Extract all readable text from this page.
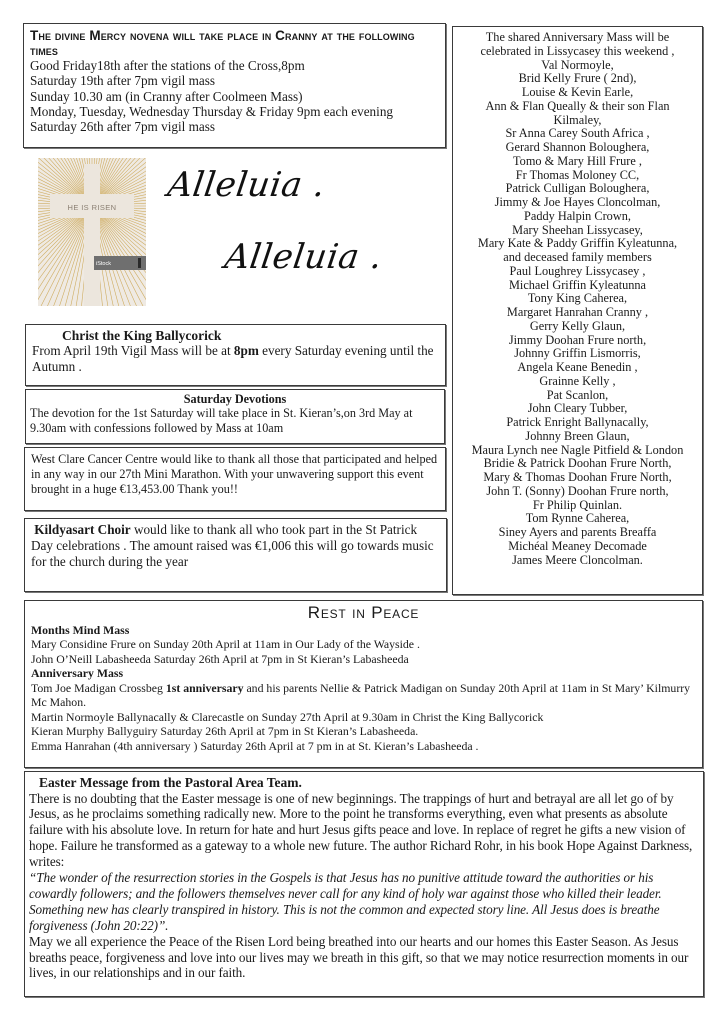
The divine Mercy novena will take place in Cranny at the following times
Good Friday18th after the stations of the Cross,8pm
Saturday 19th after 7pm vigil mass
Sunday 10.30 am (in Cranny after Coolmeen Mass)
Monday, Tuesday, Wednesday Thursday & Friday 9pm each evening
Saturday 26th after 7pm vigil mass
HE IS RISEN
iStock
Alleluia .
Alleluia .
Christ the King Ballycorick
From April 19th Vigil Mass will be at 8pm every Saturday evening until the Autumn .
Saturday Devotions
The devotion for the 1st Saturday will take place in St. Kieran’s,on 3rd May at 9.30am with confessions followed by Mass at 10am
West Clare Cancer Centre would like to thank all those that participated and helped in any way in our 27th Mini Marathon. With your unwavering support this event brought in a huge €13,453.00 Thank you!!
Kildyasart Choir would like to thank all who took part in the St Patrick Day celebrations . The amount raised was €1,006 this will go towards music for the church during the year
The shared Anniversary Mass will be
celebrated in Lissycasey this weekend ,
Val Normoyle,
Brid Kelly Frure ( 2nd),
Louise & Kevin Earle,
Ann & Flan Queally & their son Flan
Kilmaley,
Sr Anna Carey South Africa ,
Gerard Shannon Boloughera,
Tomo & Mary Hill Frure ,
Fr Thomas Moloney CC,
Patrick Culligan Boloughera,
Jimmy & Joe Hayes Cloncolman,
Paddy Halpin Crown,
Mary Sheehan Lissycasey,
Mary Kate & Paddy Griffin Kyleatunna,
and deceased family members
Paul Loughrey Lissycasey ,
Michael Griffin Kyleatunna
Tony King Caherea,
Margaret Hanrahan Cranny ,
Gerry Kelly Glaun,
Jimmy Doohan Frure north,
Johnny Griffin Lismorris,
Angela Keane Benedin ,
Grainne Kelly ,
Pat Scanlon,
John Cleary Tubber,
Patrick Enright Ballynacally,
Johnny Breen Glaun,
Maura Lynch nee Nagle Pitfield & London
Bridie & Patrick Doohan Frure North,
Mary & Thomas Doohan Frure North,
John T. (Sonny) Doohan Frure north,
Fr Philip Quinlan.
Tom Rynne Caherea,
Siney Ayers and parents Breaffa
Michéal Meaney Decomade
James Meere Cloncolman.
Rest in Peace
Months Mind Mass
Mary Considine Frure on Sunday 20th April at 11am in Our Lady of the Wayside .
John O’Neill Labasheeda Saturday 26th April at 7pm in St Kieran’s Labasheeda
Anniversary Mass
Tom Joe Madigan Crossbeg 1st anniversary and his parents Nellie & Patrick Madigan on Sunday 20th April at 11am in St Mary’ Kilmurry Mc Mahon.
Martin Normoyle Ballynacally & Clarecastle on Sunday 27th April at 9.30am in Christ the King Ballycorick
Kieran Murphy Ballyguiry Saturday 26th April at 7pm in St Kieran’s Labasheeda.
Emma Hanrahan (4th anniversary ) Saturday 26th April at 7 pm in at St. Kieran’s Labasheeda .
Easter Message from the Pastoral Area Team.
There is no doubting that the Easter message is one of new beginnings. The trappings of hurt and betrayal are all let go of by Jesus, as he proclaims something radically new. More to the point he transforms everything, even what presents as absolute failure with his absolute love. In return for hate and hurt Jesus gifts peace and love. In replace of regret he gifts a new vision of hope. Failure he transformed as a gateway to a whole new future. The author Richard Rohr, in his book Hope Against Darkness, writes:
“The wonder of the resurrection stories in the Gospels is that Jesus has no punitive attitude toward the authorities or his cowardly followers; and the followers themselves never call for any kind of holy war against those who killed their leader. Something new has clearly transpired in history. This is not the common and expected story line. All Jesus does is breathe forgiveness (John 20:22)”.
May we all experience the Peace of the Risen Lord being breathed into our hearts and our homes this Easter Season. As Jesus breaths peace, forgiveness and love into our lives may we breath in this gift, so that we may notice resurrection moments in our lives, in our relationships and in our faith.
